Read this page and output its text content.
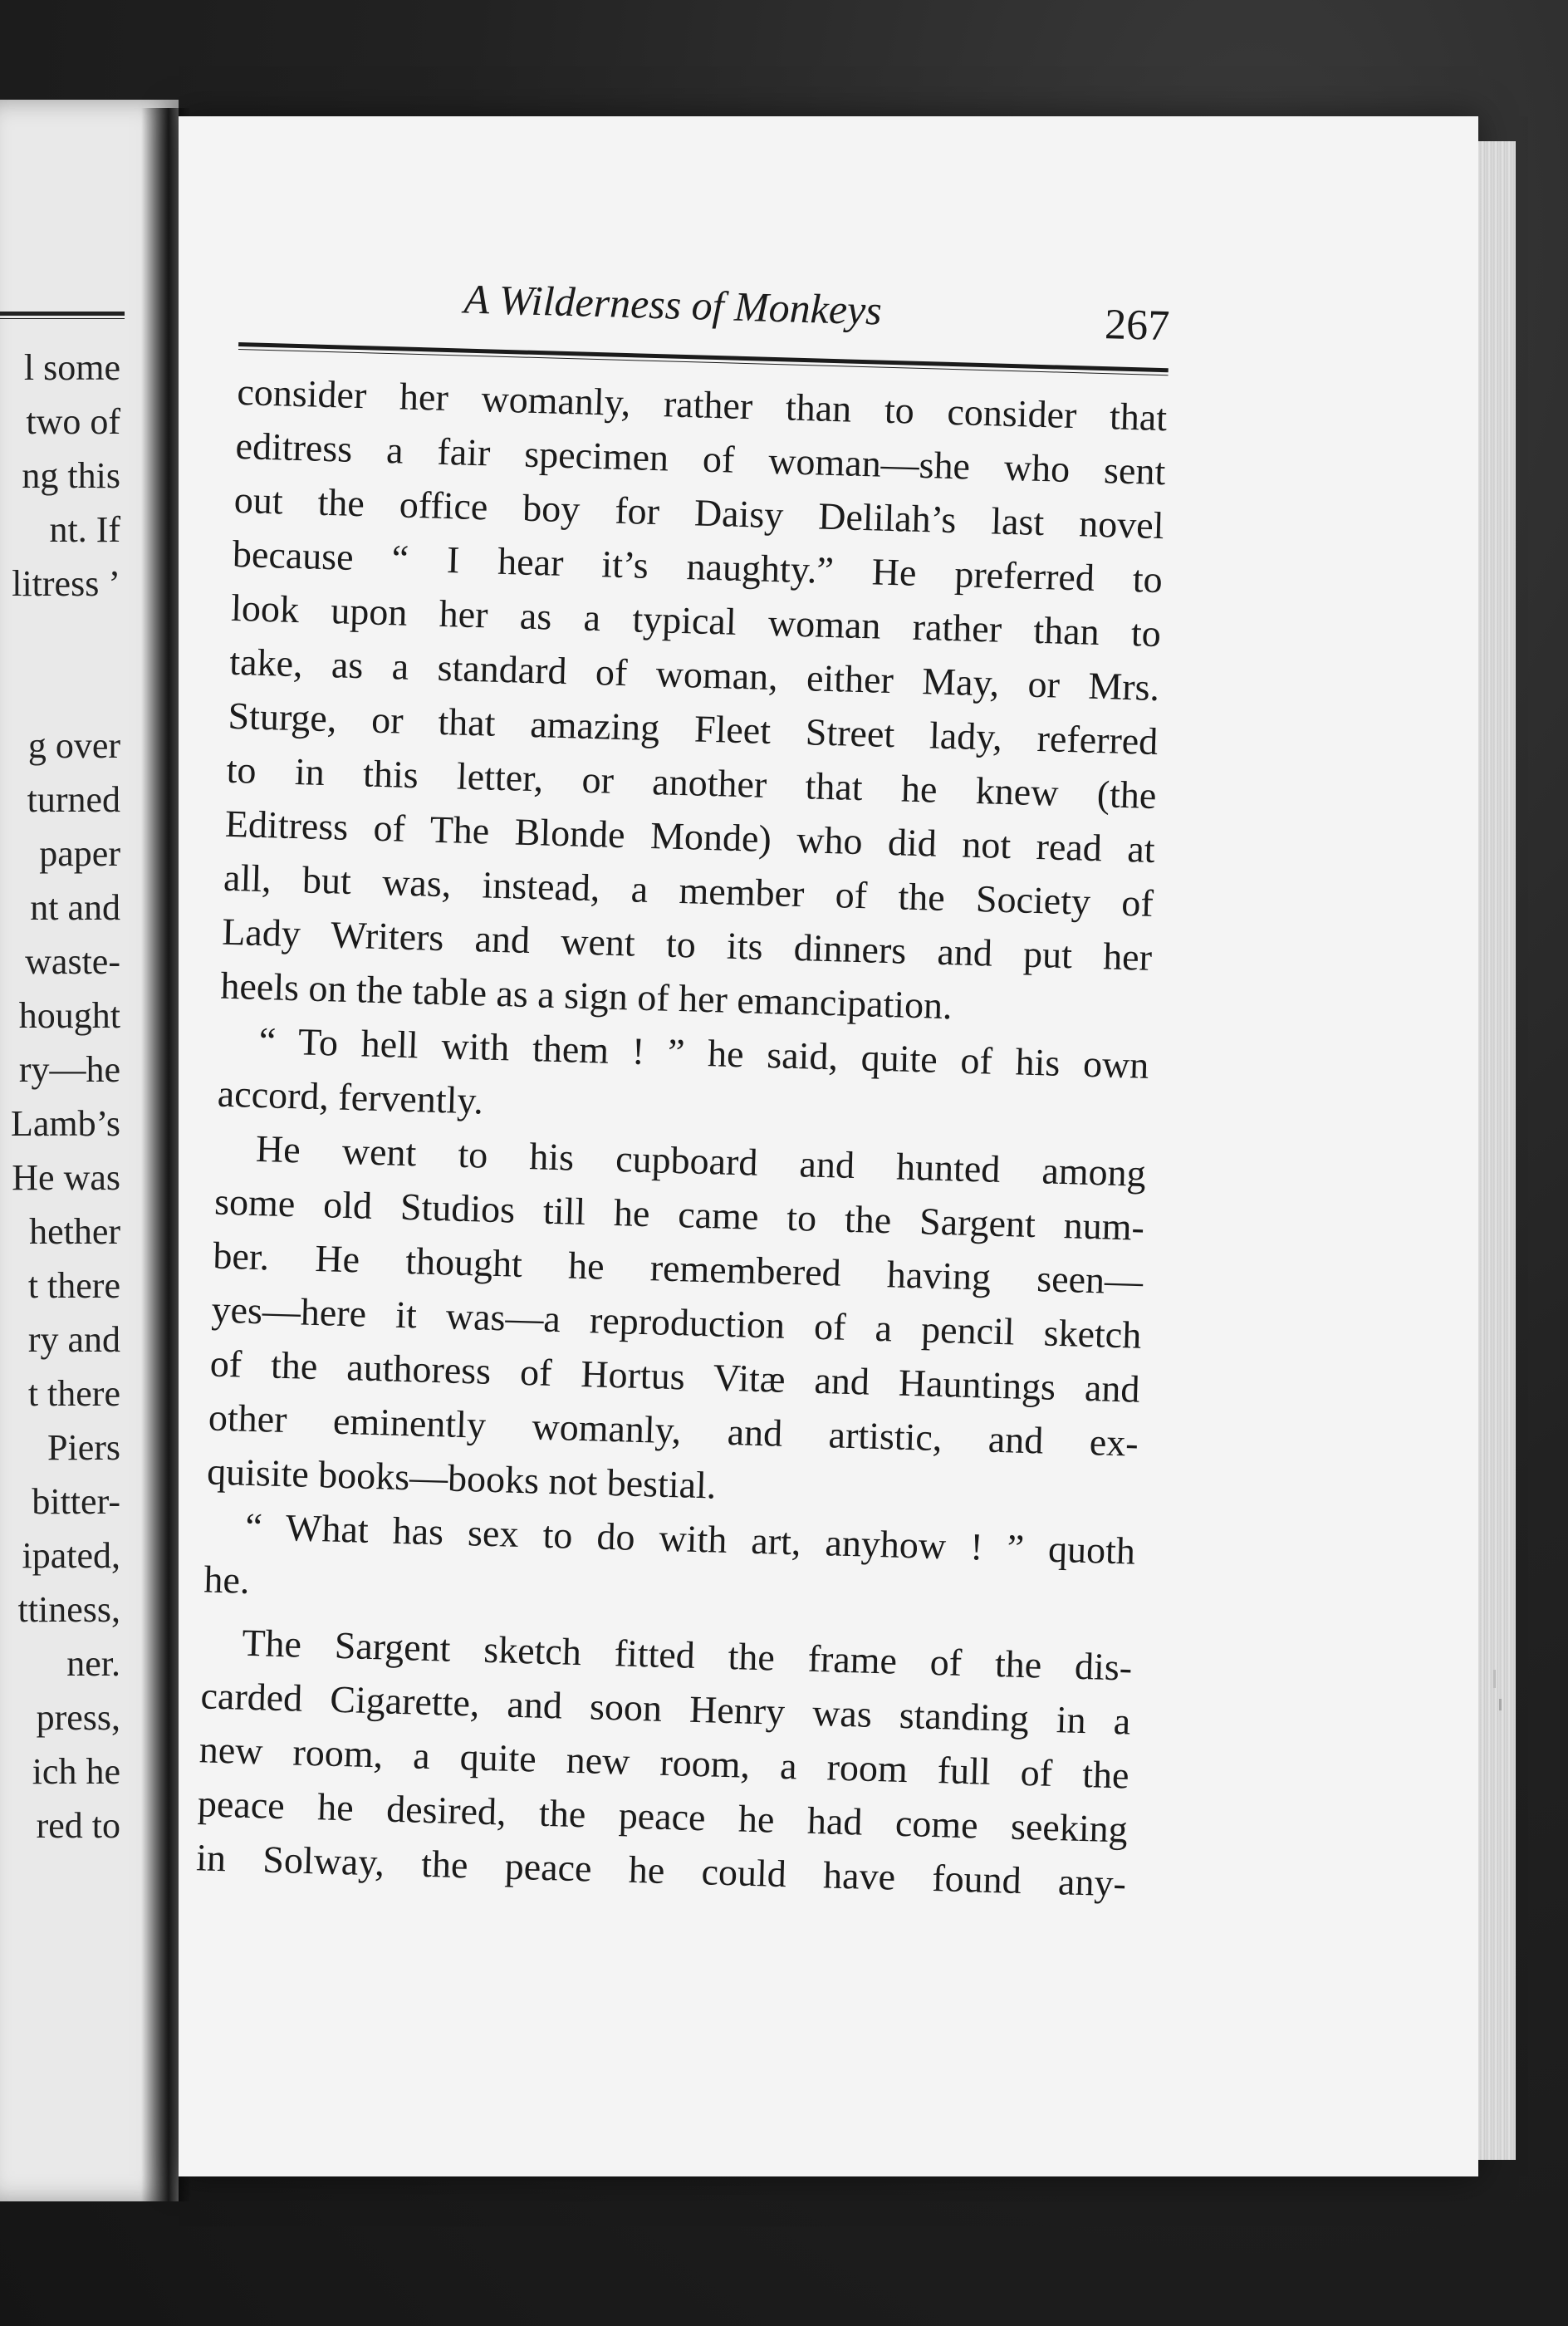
l some
two of
ng this
nt. If
litress ’
g over
turned
paper
nt and
waste-
hought
ry—he
Lamb’s
He was
hether
t there
ry and
t there
Piers
bitter-
ipated,
ttiness,
ner.
press,
ich he
red to
A Wilderness of Monkeys	267
consider her womanly, rather than to consider that
editress a fair specimen of woman—she who sent
out the office boy for Daisy Delilah’s last novel
because “ I hear it’s naughty.” He preferred to
look upon her as a typical woman rather than to
take, as a standard of woman, either May, or Mrs.
Sturge, or that amazing Fleet Street lady, referred
to in this letter, or another that he knew (the
Editress of The Blonde Monde) who did not read at
all, but was, instead, a member of the Society of
Lady Writers and went to its dinners and put her
heels on the table as a sign of her emancipation.
“ To hell with them ! ” he said, quite of his own
accord, fervently.
He went to his cupboard and hunted among
some old Studios till he came to the Sargent num-
ber. He thought he remembered having seen—
yes—here it was—a reproduction of a pencil sketch
of the authoress of Hortus Vitæ and Hauntings and
other eminently womanly, and artistic, and ex-
quisite books—books not bestial.
“ What has sex to do with art, anyhow ! ” quoth
he.
The Sargent sketch fitted the frame of the dis-
carded Cigarette, and soon Henry was standing in a
new room, a quite new room, a room full of the
peace he desired, the peace he had come seeking
in Solway, the peace he could have found any-
